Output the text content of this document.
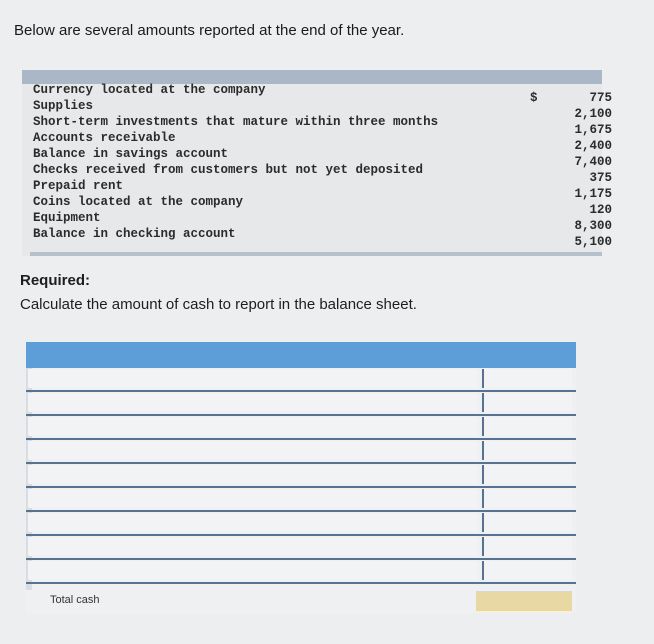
Below are several amounts reported at the end of the year.
Currency located at the company
Supplies
Short-term investments that mature within three months
Accounts receivable
Balance in savings account
Checks received from customers but not yet deposited
Prepaid rent
Coins located at the company
Equipment
Balance in checking account
$	775
2,100
1,675
2,400
7,400
375
1,175
120
8,300
5,100
Required:
Calculate the amount of cash to report in the balance sheet.
Total cash
